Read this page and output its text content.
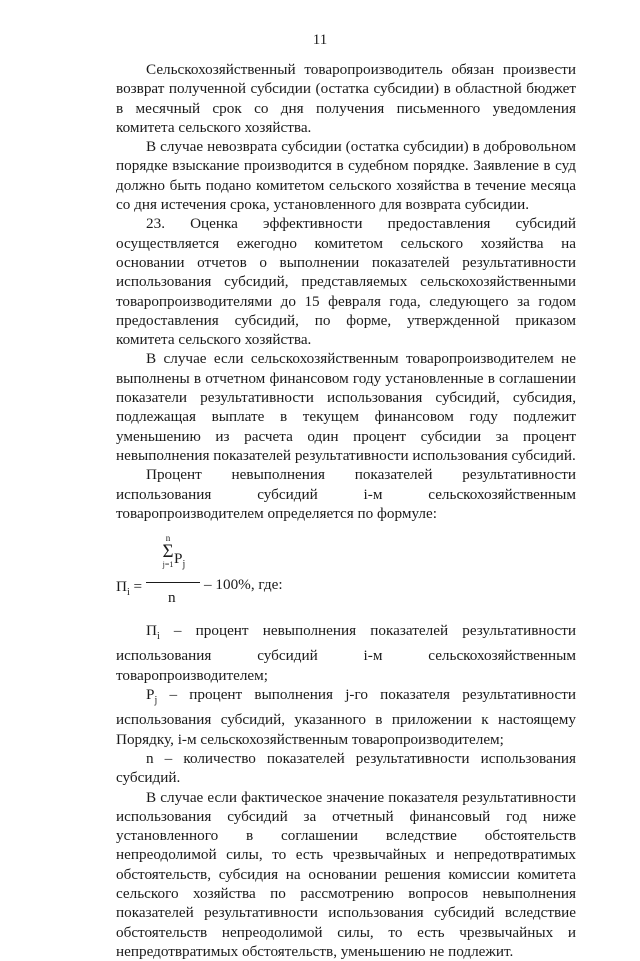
11

Сельскохозяйственный товаропроизводитель обязан произвести возврат полученной субсидии (остатка субсидии) в областной бюджет в месячный срок со дня получения письменного уведомления комитета сельского хозяйства.

В случае невозврата субсидии (остатка субсидии) в добровольном порядке взыскание производится в судебном порядке. Заявление в суд должно быть подано комитетом сельского хозяйства в течение месяца со дня истечения срока, установленного для возврата субсидии.

23. Оценка эффективности предоставления субсидий осуществляется ежегодно комитетом сельского хозяйства на основании отчетов о выполнении показателей результативности использования субсидий, представляемых сельскохозяйственными товаропроизводителями до 15 февраля года, следующего за годом предоставления субсидий, по форме, утвержденной приказом комитета сельского хозяйства.

В случае если сельскохозяйственным товаропроизводителем не выполнены в отчетном финансовом году установленные в соглашении показатели результативности использования субсидий, субсидия, подлежащая выплате в текущем финансовом году подлежит уменьшению из расчета один процент субсидии за процент невыполнения показателей результативности использования субсидий.

Процент невыполнения показателей результативности использования субсидий i-м сельскохозяйственным товаропроизводителем определяется по формуле:

$П_i$ =
n
Σ
j=1 $P_j$
n
– 100%, где:

$П_i$ – процент невыполнения показателей результативности использования субсидий i-м сельскохозяйственным товаропроизводителем;

$P_j$ – процент выполнения j-го показателя результативности использования субсидий, указанного в приложении к настоящему Порядку, i-м сельскохозяйственным товаропроизводителем;

n – количество показателей результативности использования субсидий.

В случае если фактическое значение показателя результативности использования субсидий за отчетный финансовый год ниже установленного в соглашении вследствие обстоятельств непреодолимой силы, то есть чрезвычайных и непредотвратимых обстоятельств, субсидия на основании решения комиссии комитета сельского хозяйства по рассмотрению вопросов невыполнения показателей результативности использования субсидий вследствие обстоятельств непреодолимой силы, то есть чрезвычайных и непредотвратимых обстоятельств, уменьшению не подлежит.
